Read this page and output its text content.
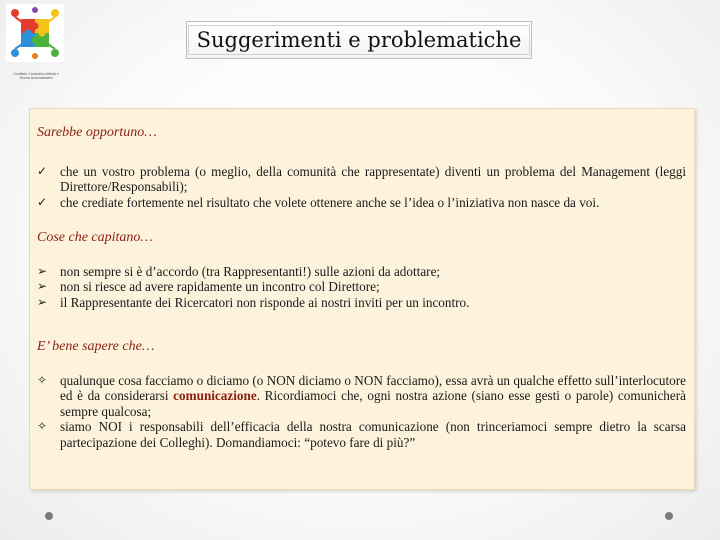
Comitato Consultivo Attività e Servizi Amministrativi
Suggerimenti e problematiche

Sarebbe opportuno…

✓ che un vostro problema (o meglio, della comunità che rappresentate) diventi un problema del Management (leggi Direttore/Responsabili);
✓ che crediate fortemente nel risultato che volete ottenere anche se l’idea o l’iniziativa non nasce da voi.

Cose che capitano…

➢ non sempre si è d’accordo (tra Rappresentanti!) sulle azioni da adottare;
➢ non si riesce ad avere rapidamente un incontro col Direttore;
➢ il Rappresentante dei Ricercatori non risponde ai nostri inviti per un incontro.

E’ bene sapere che…

✧ qualunque cosa facciamo o diciamo (o NON diciamo o NON facciamo), essa avrà un qualche effetto sull’interlocutore ed è da considerarsi comunicazione. Ricordiamoci che, ogni nostra azione (siano esse gesti o parole) comunicherà sempre qualcosa;
✧ siamo NOI i responsabili dell’efficacia della nostra comunicazione (non trinceriamoci sempre dietro la scarsa partecipazione dei Colleghi). Domandiamoci: “potevo fare di più?”
